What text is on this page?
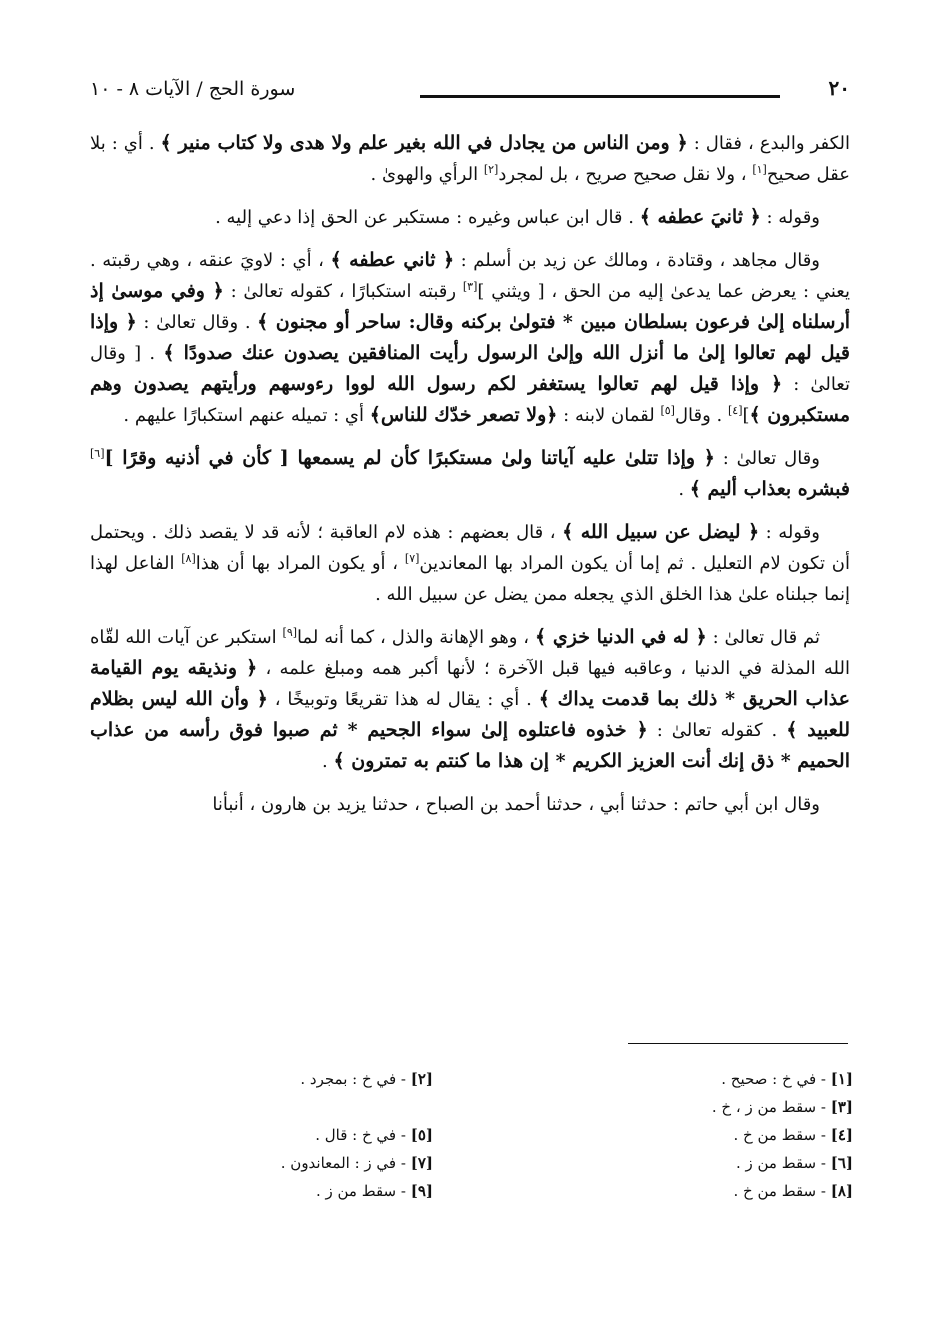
٢٠
سورة الحج / الآيات ٨ - ١٠

الكفر والبدع ، فقال : ﴿ ومن الناس من يجادل في الله بغير علم ولا هدى ولا كتاب منير ﴾ . أي : بلا عقل صحيح[١] ، ولا نقل صحيح صريح ، بل لمجرد[٢] الرأي والهوىٰ .

وقوله : ﴿ ثانيَ عطفه ﴾ . قال ابن عباس وغيره : مستكبر عن الحق إذا دعي إليه .

وقال مجاهد ، وقتادة ، ومالك عن زيد بن أسلم : ﴿ ثاني عطفه ﴾ ، أي : لاويَ عنقه ، وهي رقبته . يعني : يعرض عما يدعىٰ إليه من الحق ، [ ويثني ][٣] رقبته استكبارًا ، كقوله تعالىٰ : ﴿ وفي موسىٰ إذ أرسلناه إلىٰ فرعون بسلطان مبين * فتولىٰ بركنه وقال: ساحر أو مجنون ﴾ . وقال تعالىٰ : ﴿ وإذا قيل لهم تعالوا إلىٰ ما أنزل الله وإلىٰ الرسول رأيت المنافقين يصدون عنك صدودًا ﴾ . [ وقال تعالىٰ : ﴿ وإذا قيل لهم تعالوا يستغفر لكم رسول الله لووا رءوسهم ورأيتهم يصدون وهم مستكبرون ﴾][٤] . وقال[٥] لقمان لابنه : ﴿ولا تصعر خدّك للناس﴾ أي : تميله عنهم استكبارًا عليهم .

وقال تعالىٰ : ﴿ وإذا تتلىٰ عليه آياتنا ولىٰ مستكبرًا كأن لم يسمعها [ كأن في أذنيه وقرًا ][٦] فبشره بعذاب أليم ﴾ .

وقوله : ﴿ ليضل عن سبيل الله ﴾ ، قال بعضهم : هذه لام العاقبة ؛ لأنه قد لا يقصد ذلك . ويحتمل أن تكون لام التعليل . ثم إما أن يكون المراد بها المعاندين[٧] ، أو يكون المراد بها أن هذا[٨] الفاعل لهذا إنما جبلناه علىٰ هذا الخلق الذي يجعله ممن يضل عن سبيل الله .

ثم قال تعالىٰ : ﴿ له في الدنيا خزي ﴾ ، وهو الإهانة والذل ، كما أنه لما[٩] استكبر عن آيات الله لقّاه الله المذلة في الدنيا ، وعاقبه فيها قبل الآخرة ؛ لأنها أكبر همه ومبلغ علمه ، ﴿ ونذيقه يوم القيامة عذاب الحريق * ذلك بما قدمت يداك ﴾ . أي : يقال له هذا تقريعًا وتوبيخًا ، ﴿ وأن الله ليس بظلام للعبيد ﴾ . كقوله تعالىٰ : ﴿ خذوه فاعتلوه إلىٰ سواء الجحيم * ثم صبوا فوق رأسه من عذاب الحميم * ذق إنك أنت العزيز الكريم * إن هذا ما كنتم به تمترون ﴾ .

وقال ابن أبي حاتم : حدثنا أبي ، حدثنا أحمد بن الصباح ، حدثنا يزيد بن هارون ، أنبأنا

[١] - في خ : صحيح .
[٢] - في خ : بمجرد .
[٣] - سقط من ز ، خ .
[٤] - سقط من خ .
[٥] - في خ : قال .
[٦] - سقط من ز .
[٧] - في ز : المعاندون .
[٨] - سقط من خ .
[٩] - سقط من ز .
